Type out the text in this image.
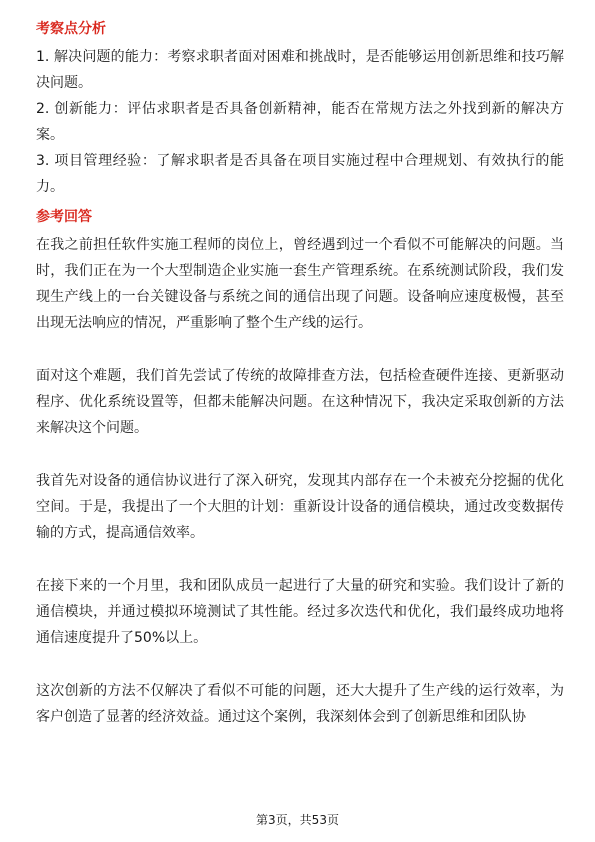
考察点分析

1. 解决问题的能力：考察求职者面对困难和挑战时，是否能够运用创新思维和技巧解决问题。

2. 创新能力：评估求职者是否具备创新精神，能否在常规方法之外找到新的解决方案。

3. 项目管理经验：了解求职者是否具备在项目实施过程中合理规划、有效执行的能力。

参考回答

在我之前担任软件实施工程师的岗位上，曾经遇到过一个看似不可能解决的问题。当时，我们正在为一个大型制造企业实施一套生产管理系统。在系统测试阶段，我们发现生产线上的一台关键设备与系统之间的通信出现了问题。设备响应速度极慢，甚至出现无法响应的情况，严重影响了整个生产线的运行。

面对这个难题，我们首先尝试了传统的故障排查方法，包括检查硬件连接、更新驱动程序、优化系统设置等，但都未能解决问题。在这种情况下，我决定采取创新的方法来解决这个问题。

我首先对设备的通信协议进行了深入研究，发现其内部存在一个未被充分挖掘的优化空间。于是，我提出了一个大胆的计划：重新设计设备的通信模块，通过改变数据传输的方式，提高通信效率。

在接下来的一个月里，我和团队成员一起进行了大量的研究和实验。我们设计了新的通信模块，并通过模拟环境测试了其性能。经过多次迭代和优化，我们最终成功地将通信速度提升了50%以上。

这次创新的方法不仅解决了看似不可能的问题，还大大提升了生产线的运行效率，为客户创造了显著的经济效益。通过这个案例，我深刻体会到了创新思维和团队协

第3页，共53页
